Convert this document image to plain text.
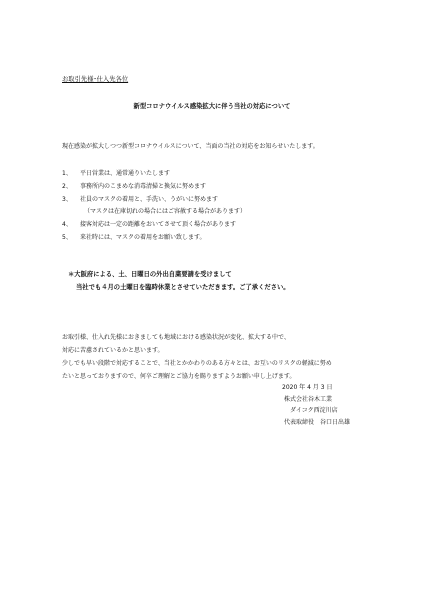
お取引先様･仕入先各位
新型コロナウイルス感染拡大に伴う当社の対応について
現在感染が拡大しつつ新型コロナウイルスについて、当面の当社の対応をお知らせいたします。
1、 平日営業は、通常通りいたします
2、 事務所内のこまめな消毒清掃と換気に努めます
3、 社員のマスクの着用と、手洗い、うがいに努めます
（マスクは在庫切れの場合にはご容赦する場合があります）
4、 接客対応は一定の距離をおいてさせて頂く場合があります
5、 来社時には、マスクの着用をお願い致します。
＊大阪府による、土、日曜日の外出自粛要請を受けまして
当社でも４月の土曜日を臨時休業とさせていただきます。ご了承ください。
お取引様、仕入れ先様におきましても地域における感染状況が変化、拡大する中で、
対応に苦慮されているかと思います。
少しでも早い段階で対応することで、当社とかかわりのある方々とは、お互いのリスクの軽減に努め
たいと思っておりますので、何卒ご理解とご協力を賜りますようお願い申し上げます。
2020 年 4 月 3 日
株式会社谷木工業
ダイコク西淀川店
代表取締役　谷口日出雄
